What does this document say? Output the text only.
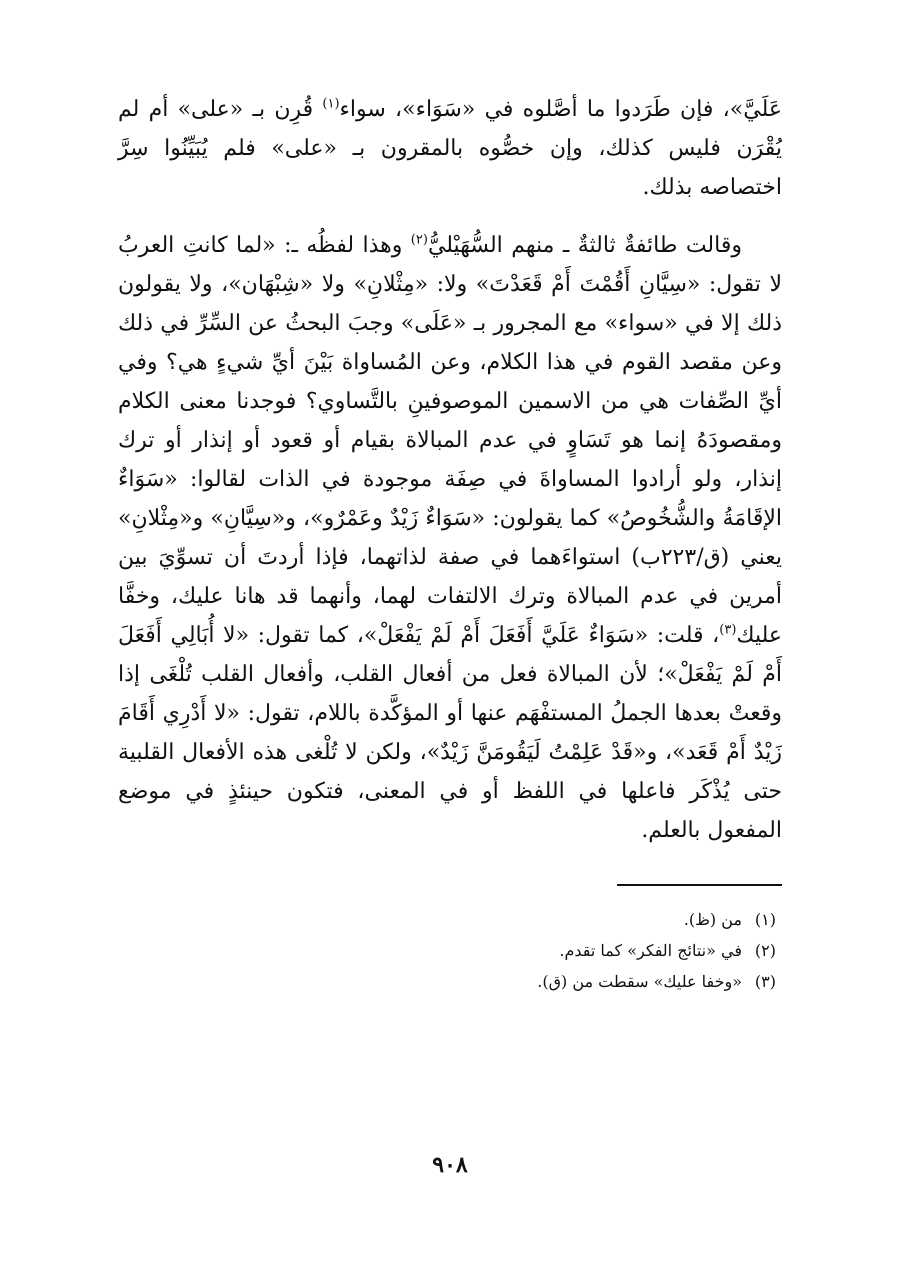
عَلَيَّ»، فإن طَرَدوا ما أصَّلوه في «سَوَاء»، سواء$^{(١)}$ قُرِن بـ «على» أم لم يُقْرَن فليس كذلك، وإن خصُّوه بالمقرون بـ «على» فلم يُبَيِّنُوا سِرَّ اختصاصه بذلك.

وقالت طائفةٌ ثالثةٌ ـ منهم السُّهَيْليُّ$^{(٢)}$ وهذا لفظُه ـ: «لما كانتِ العربُ لا تقول: «سِيَّانِ أَقُمْتَ أَمْ قَعَدْتَ» ولا: «مِثْلانِ» ولا «شِبْهَان»، ولا يقولون ذلك إلا في «سواء» مع المجرور بـ «عَلَى» وجبَ البحثُ عن السِّرِّ في ذلك وعن مقصد القوم في هذا الكلام، وعن المُساواة بَيْنَ أيِّ شيءٍ هي؟ وفي أيِّ الصِّفات هي من الاسمين الموصوفينِ بالتَّساوي؟ فوجدنا معنى الكلام ومقصودَهُ إنما هو تَسَاوٍ في عدم المبالاة بقيام أو قعود أو إنذار أو ترك إنذار، ولو أرادوا المساواةَ في صِفَة موجودة في الذات لقالوا: «سَوَاءٌ الإقَامَةُ والشُّخُوصُ» كما يقولون: «سَوَاءٌ زَيْدٌ وعَمْرٌو»، و«سِيَّانِ» و«مِثْلانِ» يعني (ق/٢٢٣ب) استواءَهما في صفة لذاتهما، فإذا أردتَ أن تسوِّيَ بين أمرين في عدم المبالاة وترك الالتفات لهما، وأنهما قد هانا عليك، وخفَّا عليك$^{(٣)}$، قلت: «سَوَاءٌ عَلَيَّ أَفَعَلَ أَمْ لَمْ يَفْعَلْ»، كما تقول: «لا أُبَالِي أَفَعَلَ أَمْ لَمْ يَفْعَلْ»؛ لأن المبالاة فعل من أفعال القلب، وأفعال القلب تُلْغَى إذا وقعتْ بعدها الجملُ المستفْهَم عنها أو المؤكَّدة باللام، تقول: «لا أَدْرِي أَقَامَ زَيْدٌ أَمْ قَعَد»، و«قَدْ عَلِمْتُ لَيَقُومَنَّ زَيْدٌ»، ولكن لا تُلْغى هذه الأفعال القلبية حتى يُذْكَر فاعلها في اللفظ أو في المعنى، فتكون حينئذٍ في موضع المفعول بالعلم.

(١)من (ظ).

(٢)في «نتائج الفكر» كما تقدم.

(٣)«وخفا عليك» سقطت من (ق).

٩٠٨
